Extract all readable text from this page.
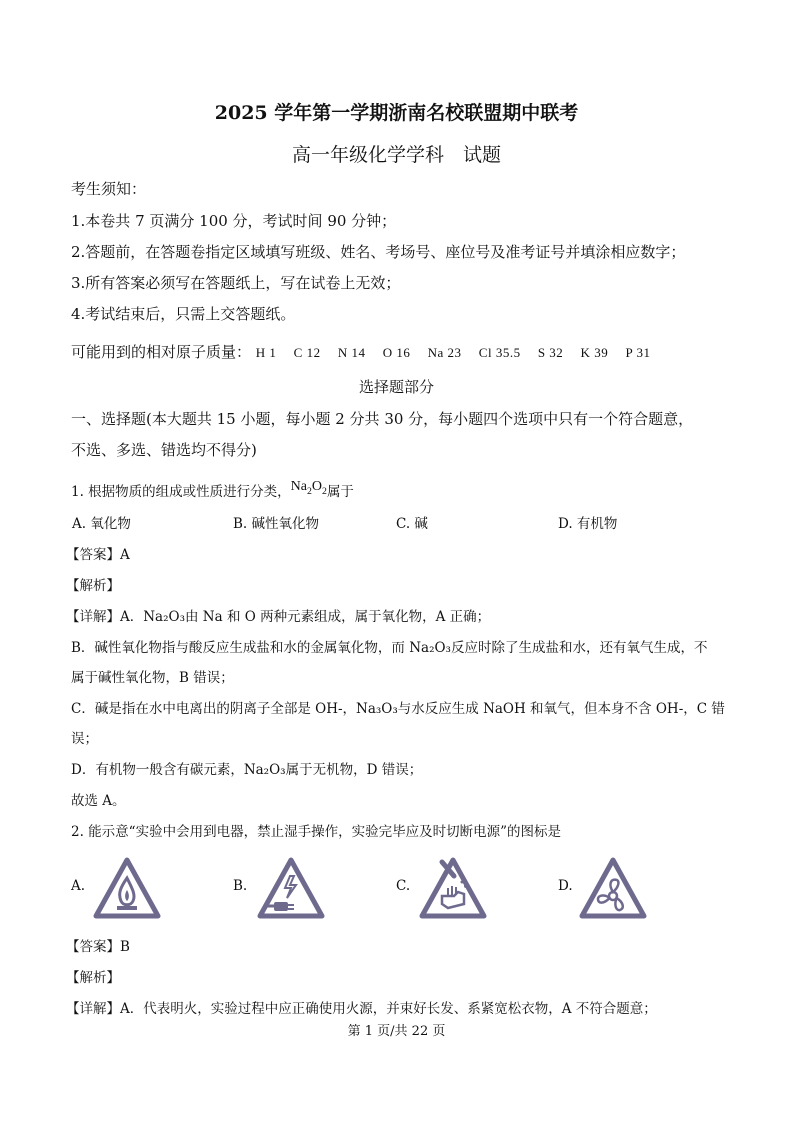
2025 学年第一学期浙南名校联盟期中联考
高一年级化学学科　试题
考生须知：
1.本卷共 7 页满分 100 分，考试时间 90 分钟；
2.答题前，在答题卷指定区域填写班级、姓名、考场号、座位号及准考证号并填涂相应数字；
3.所有答案必须写在答题纸上，写在试卷上无效；
4.考试结束后，只需上交答题纸。
可能用到的相对原子质量： H 1　 C 12　 N 14　 O 16　 Na 23　 Cl 35.5　 S 32　 K 39　 P 31
选择题部分
一、选择题(本大题共 15 小题，每小题 2 分共 30 分，每小题四个选项中只有一个符合题意，
不选、多选、错选均不得分)
1. 根据物质的组成或性质进行分类，$Na_2O_2$属于
A. 氧化物	B. 碱性氧化物	C. 碱	D. 有机物
【答案】A
【解析】
【详解】A．Na₂O₃由 Na 和 O 两种元素组成，属于氧化物，A 正确；
B．碱性氧化物指与酸反应生成盐和水的金属氧化物，而 Na₂O₃反应时除了生成盐和水，还有氧气生成，不
属于碱性氧化物，B 错误；
C．碱是指在水中电离出的阴离子全部是 OH-，Na₃O₃与水反应生成 NaOH 和氧气，但本身不含 OH-，C 错
误；
D．有机物一般含有碳元素，Na₂O₃属于无机物，D 错误；
故选 A。
2. 能示意“实验中会用到电器，禁止湿手操作，实验完毕应及时切断电源”的图标是
A.	B.	C.	D.
【答案】B
【解析】
【详解】A．代表明火，实验过程中应正确使用火源，并束好长发、系紧宽松衣物，A 不符合题意；
第 1 页/共 22 页
